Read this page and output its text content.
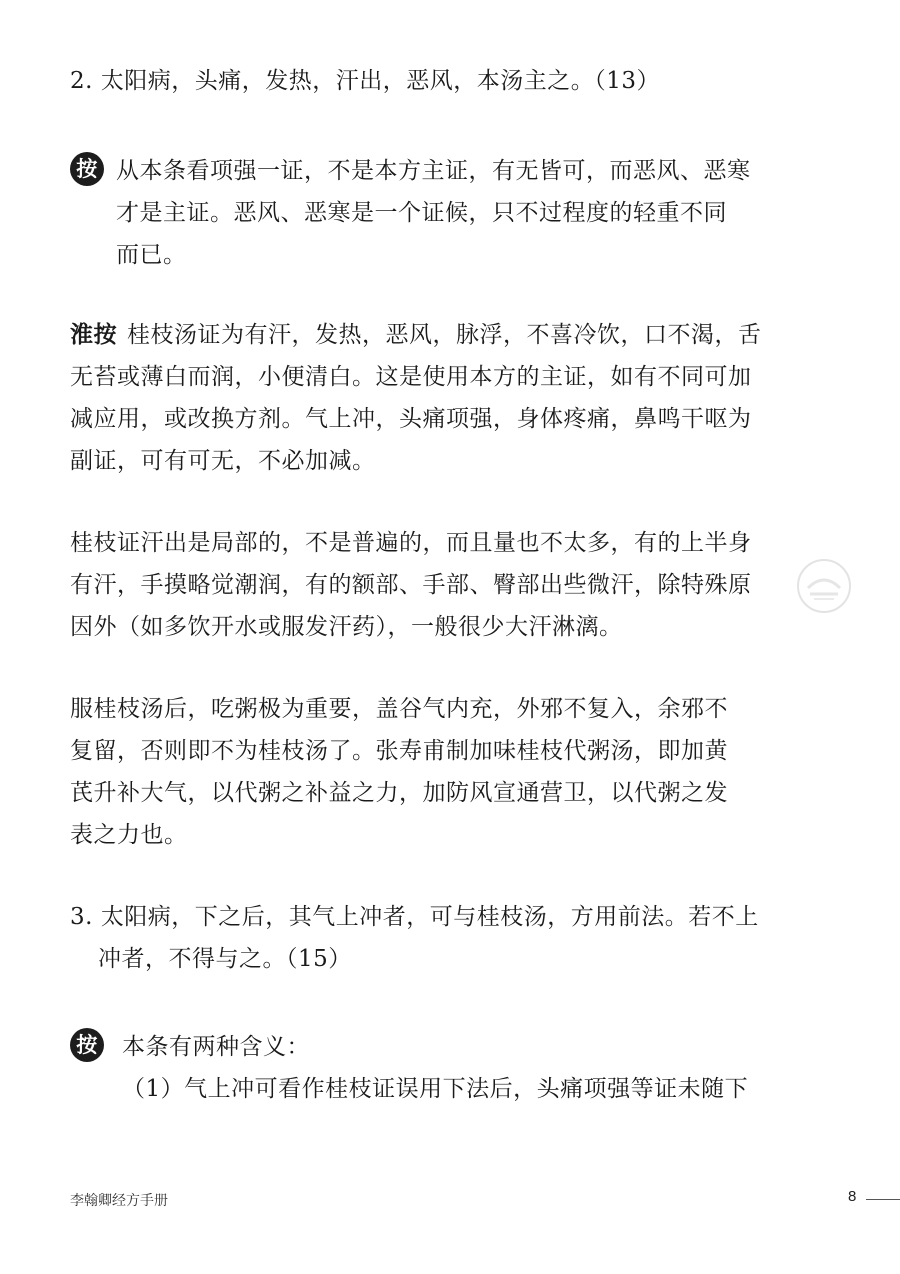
2. 太阳病，头痛，发热，汗出，恶风，本汤主之。（13）
按 从本条看项强一证，不是本方主证，有无皆可，而恶风、恶寒
才是主证。恶风、恶寒是一个证候，只不过程度的轻重不同
而已。
淮按 桂枝汤证为有汗，发热，恶风，脉浮，不喜冷饮，口不渴，舌
无苔或薄白而润，小便清白。这是使用本方的主证，如有不同可加
减应用，或改换方剂。气上冲，头痛项强，身体疼痛，鼻鸣干呕为
副证，可有可无，不必加减。
桂枝证汗出是局部的，不是普遍的，而且量也不太多，有的上半身
有汗，手摸略觉潮润，有的额部、手部、臀部出些微汗，除特殊原
因外（如多饮开水或服发汗药），一般很少大汗淋漓。
服桂枝汤后，吃粥极为重要，盖谷气内充，外邪不复入，余邪不
复留，否则即不为桂枝汤了。张寿甫制加味桂枝代粥汤，即加黄
芪升补大气，以代粥之补益之力，加防风宣通营卫，以代粥之发
表之力也。
3. 太阳病，下之后，其气上冲者，可与桂枝汤，方用前法。若不上
冲者，不得与之。（15）
按	本条有两种含义：
（1）气上冲可看作桂枝证误用下法后，头痛项强等证未随下
李翰卿经方手册	8
